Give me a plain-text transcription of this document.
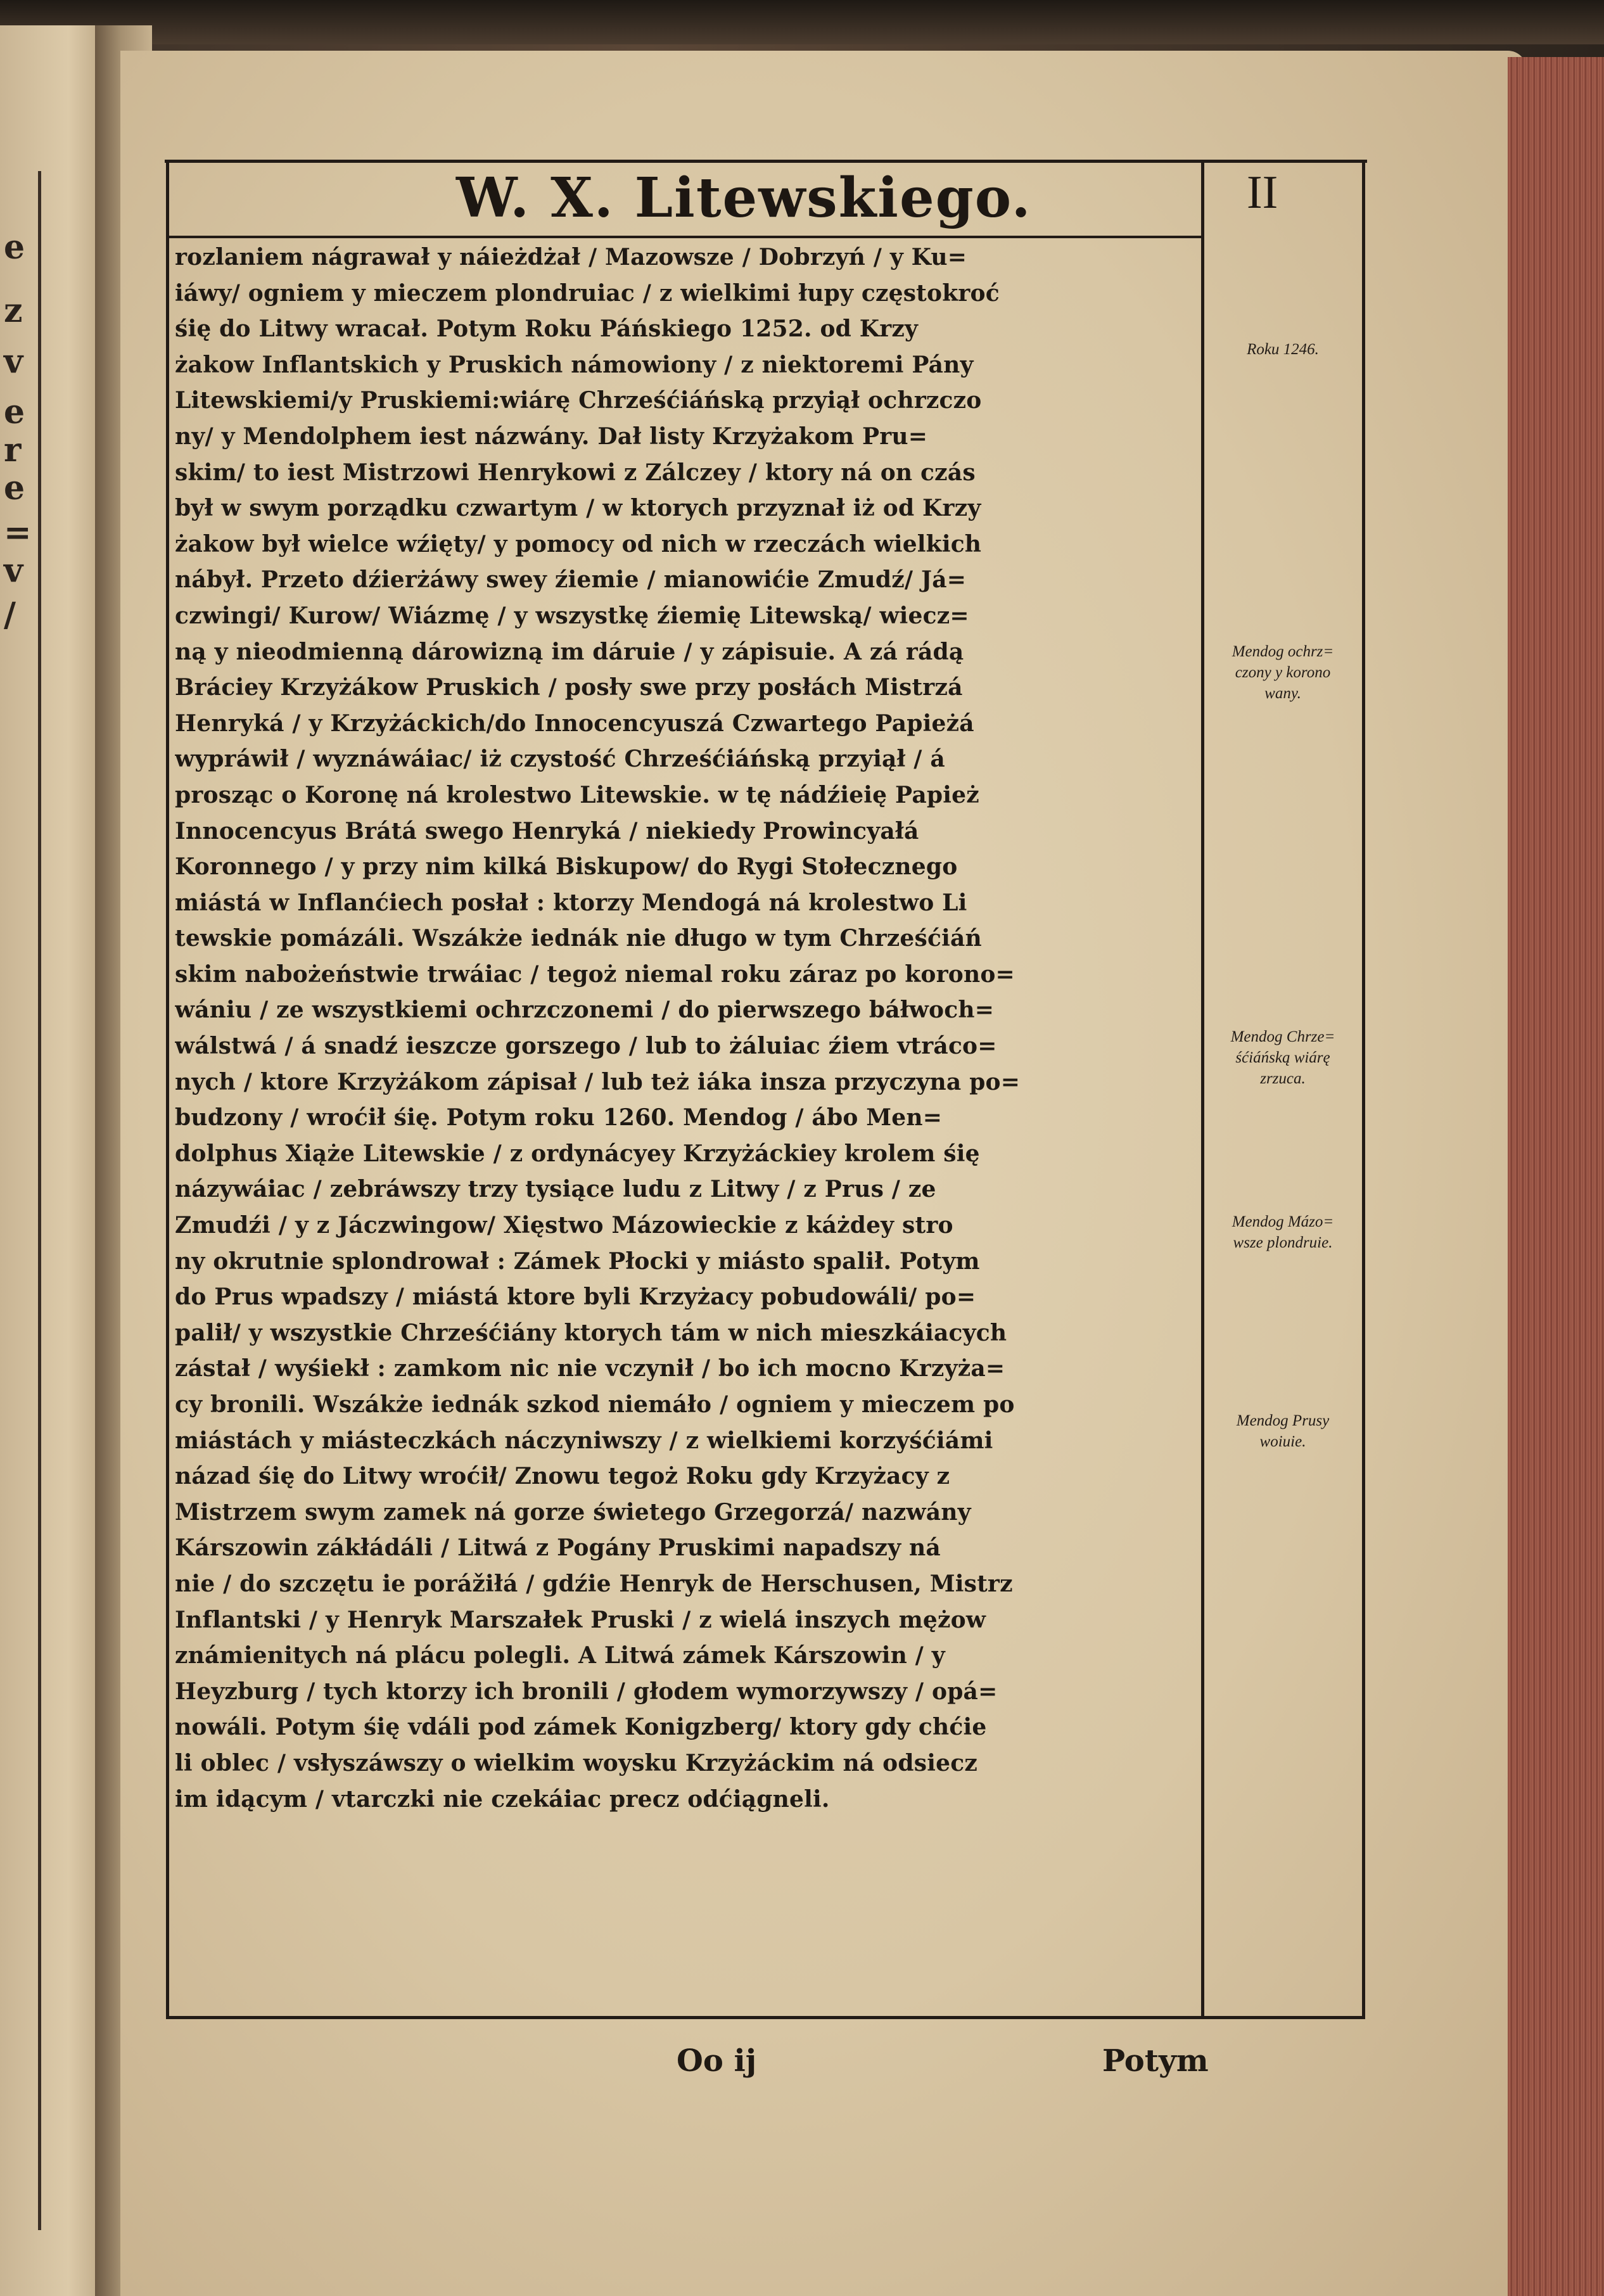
e
z
v
e
r
e
=
v
/
W. X. Litewskiego.	II
rozlaniem nágrawał y náieżdżał / Mazowsze / Dobrzyń / y Ku=
iáwy/ ogniem y mieczem plondruiac / z wielkimi łupy częstokroć
śię do Litwy wracał. Potym Roku Páńskiego 1252. od Krzy
żakow Inflantskich y Pruskich námowiony / z niektoremi Pány
Litewskiemi/y Pruskiemi:wiárę Chrześćiáńską przyiął ochrzczo
ny/ y Mendolphem iest názwány. Dał listy Krzyżakom Pru=
skim/ to iest Mistrzowi Henrykowi z Zálczey / ktory ná on czás
był w swym porządku czwartym / w ktorych przyznał iż od Krzy
żakow był wielce wźięty/ y pomocy od nich w rzeczách wielkich
nábył. Przeto dźierżáwy swey źiemie / mianowićie Zmudź/ Já=
czwingi/ Kurow/ Wiázmę / y wszystkę źiemię Litewską/ wiecz=
ną y nieodmienną dárowizną im dáruie / y zápisuie. A zá rádą
Bráciey Krzyżákow Pruskich / posły swe przy posłách Mistrzá
Henryká / y Krzyżáckich/do Innocencyuszá Czwartego Papieżá
wypráwił / wyznáwáiac/ iż czystość Chrześćiáńską przyiął / á
prosząc o Koronę ná krolestwo Litewskie. w tę nádźieię Papież
Innocencyus Brátá swego Henryká / niekiedy Prowincyałá
Koronnego / y przy nim kilká Biskupow/ do Rygi Stołecznego
miástá w Inflanćiech posłał : ktorzy Mendogá ná krolestwo Li
tewskie pomázáli. Wszákże iednák nie długo w tym Chrześćiáń
skim nabożeństwie trwáiac / tegoż niemal roku záraz po korono=
wániu / ze wszystkiemi ochrzczonemi / do pierwszego báłwoch=
wálstwá / á snadź ieszcze gorszego / lub to żáluiac źiem vtráco=
nych / ktore Krzyżákom zápisał / lub też iáka insza przyczyna po=
budzony / wroćił śię. Potym roku 1260. Mendog / ábo Men=
dolphus Xiąże Litewskie / z ordynácyey Krzyżáckiey krolem śię
názywáiac / zebráwszy trzy tysiące ludu z Litwy / z Prus / ze
Zmudźi / y z Jáczwingow/ Xięstwo Mázowieckie z káżdey stro
ny okrutnie splondrował : Zámek Płocki y miásto spalił. Potym
do Prus wpadszy / miástá ktore byli Krzyżacy pobudowáli/ po=
palił/ y wszystkie Chrześćiány ktorych tám w nich mieszkáiacych
zástał / wyśiekł : zamkom nic nie vczynił / bo ich mocno Krzyża=
cy bronili. Wszákże iednák szkod niemáło / ogniem y mieczem po
miástách y miásteczkách náczyniwszy / z wielkiemi korzyśćiámi
názad śię do Litwy wroćił/ Znowu tegoż Roku gdy Krzyżacy z
Mistrzem swym zamek ná gorze świetego Grzegorzá/ nazwány
Kárszowin zákłádáli / Litwá z Pogány Pruskimi napadszy ná
nie / do szczętu ie porážiłá / gdźie Henryk de Herschusen, Mistrz
Inflantski / y Henryk Marszałek Pruski / z wielá inszych mężow
známienitych ná plácu polegli. A Litwá zámek Kárszowin / y
Heyzburg / tych ktorzy ich bronili / głodem wymorzywszy / opá=
nowáli. Potym śię vdáli pod zámek Konigzberg/ ktory gdy chćie
li oblec / vsłyszáwszy o wielkim woysku Krzyżáckim ná odsiecz
im idącym / vtarczki nie czekáiac precz odćiągneli.
Roku 1246.
Mendog ochrz=
czony y korono
wany.
Mendog Chrze=
śćiáńską wiárę
zrzuca.
Mendog Mázo=
wsze plondruie.
Mendog Prusy
woiuie.
Oo ij	Potym
